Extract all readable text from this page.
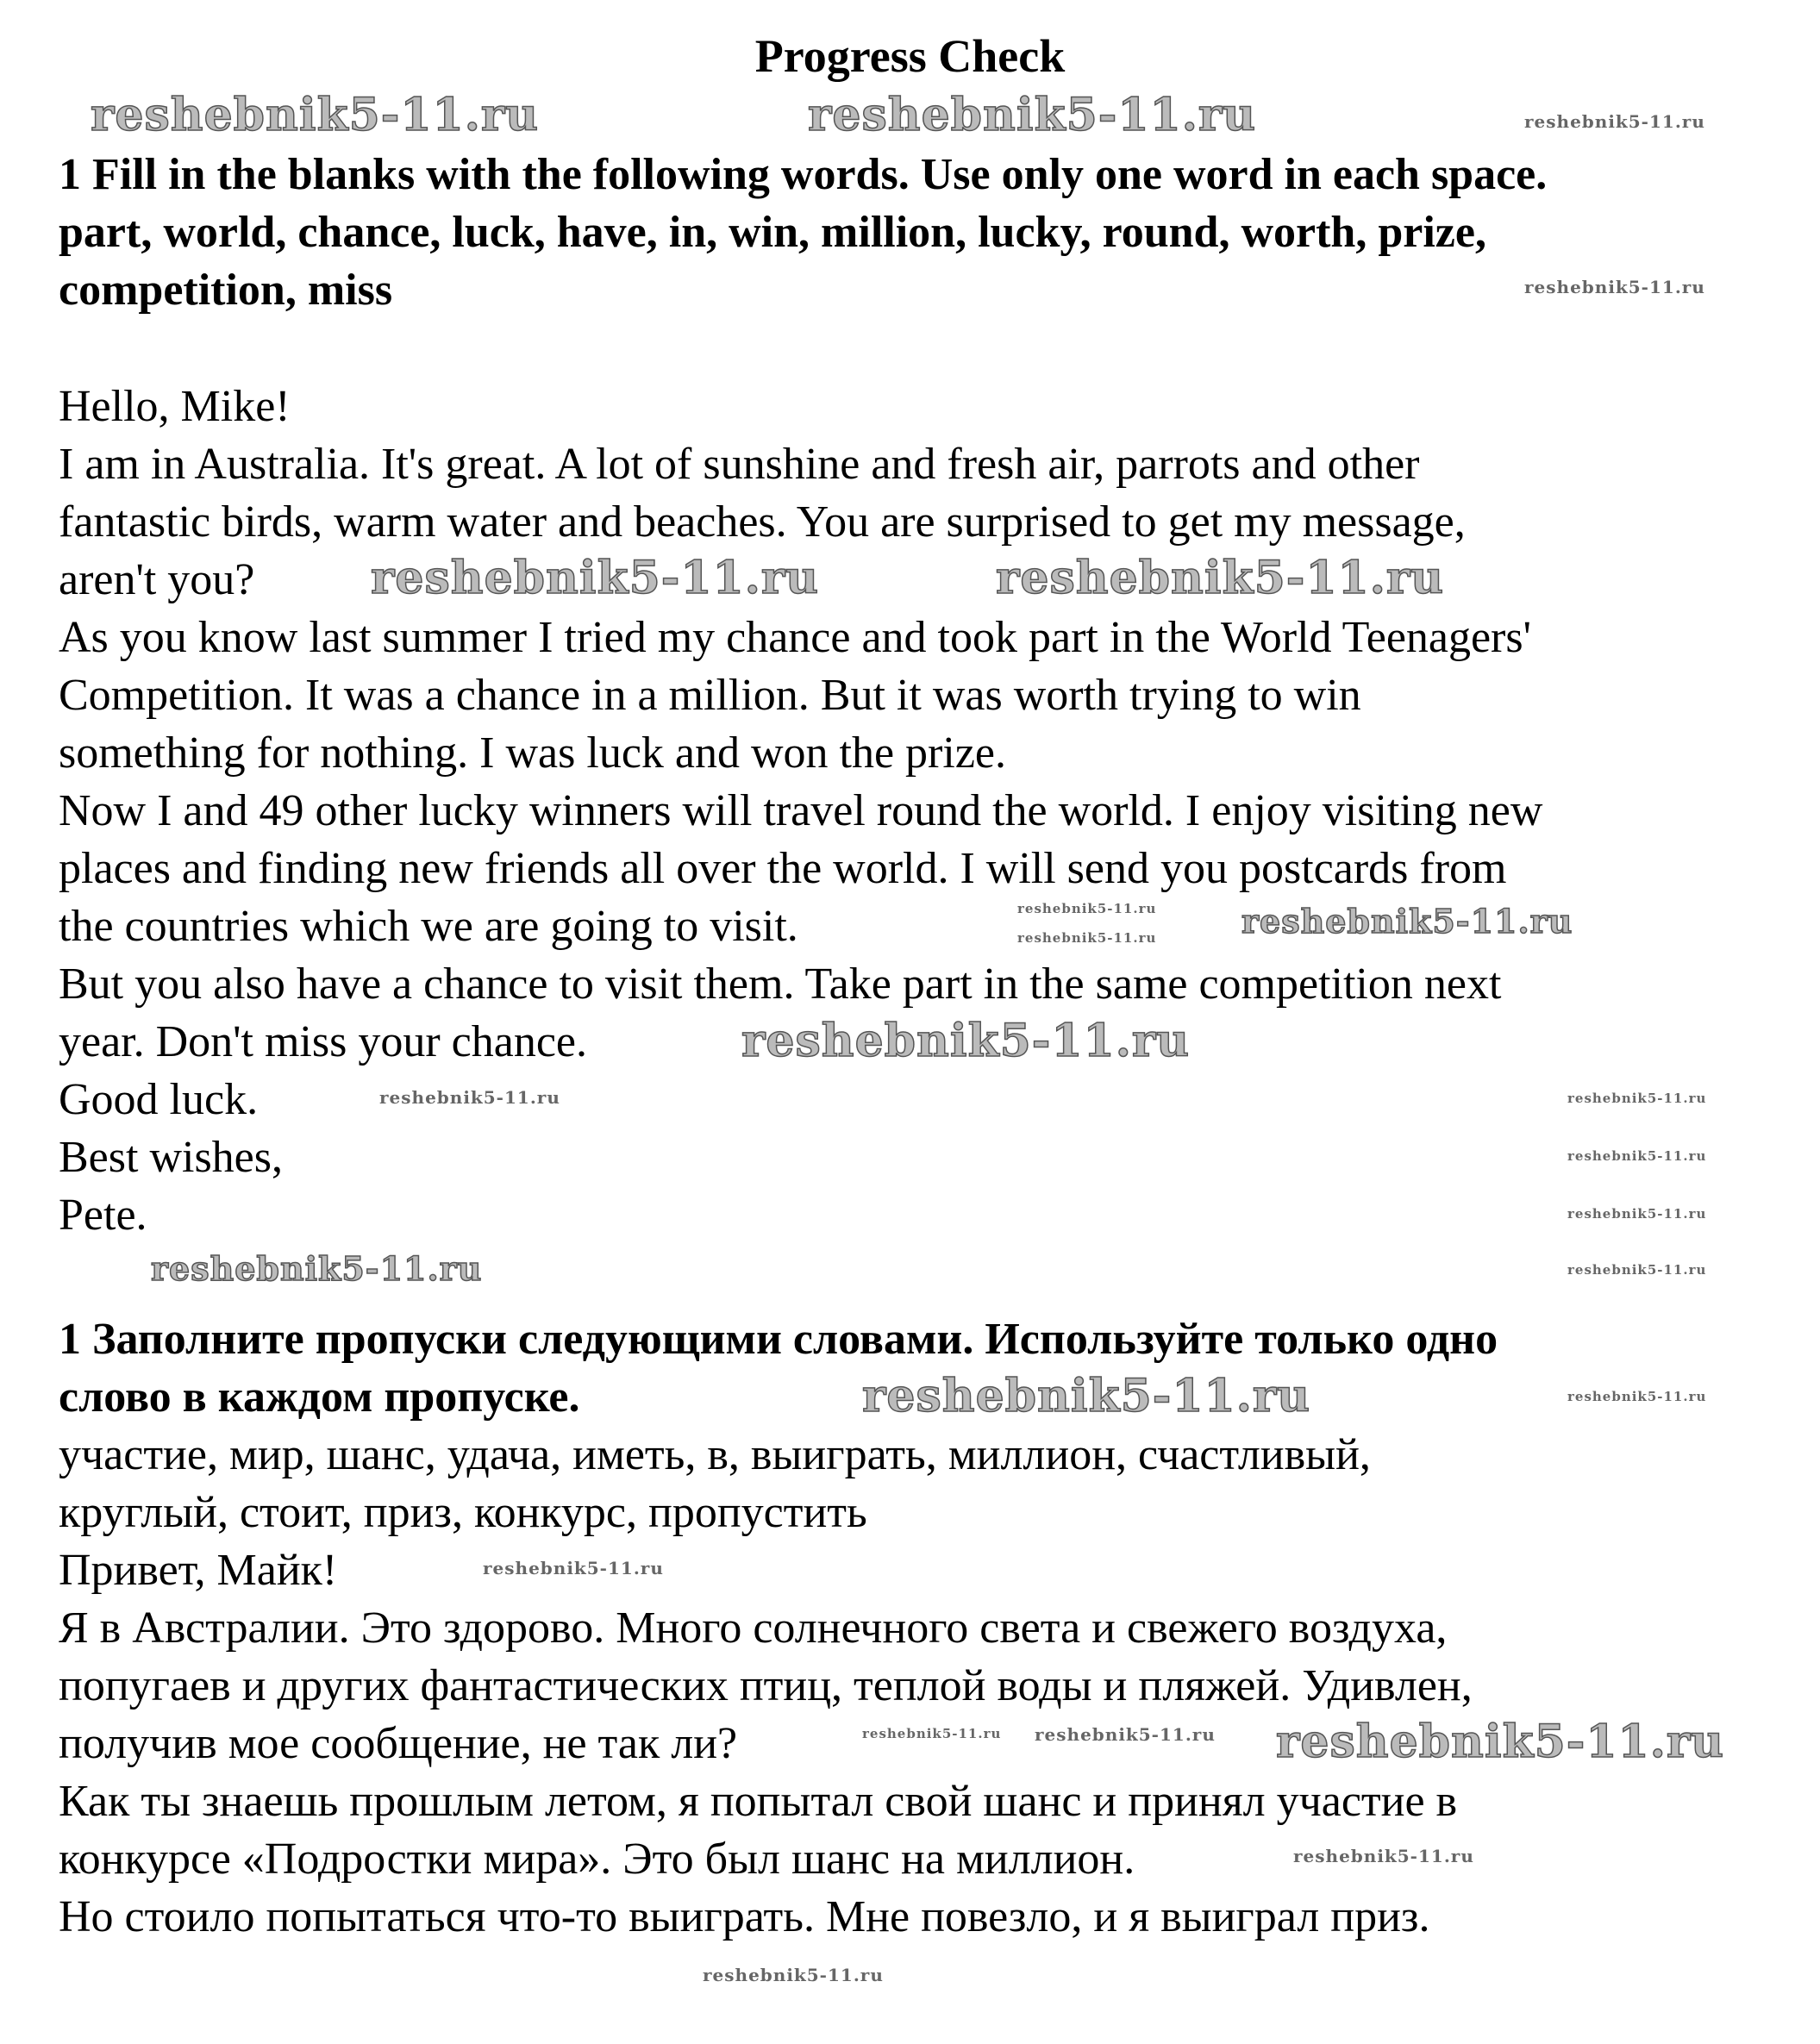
Progress Check
1 Fill in the blanks with the following words. Use only one word in each space.
part, world, chance, luck, have, in, win, million, lucky, round, worth, prize,
competition, miss
Hello, Mike!
I am in Australia. It's great. A lot of sunshine and fresh air, parrots and other
fantastic birds, warm water and beaches. You are surprised to get my message,
aren't you?
As you know last summer I tried my chance and took part in the World Teenagers'
Competition. It was a chance in a million. But it was worth trying to win
something for nothing. I was luck and won the prize.
Now I and 49 other lucky winners will travel round the world. I enjoy visiting new
places and finding new friends all over the world. I will send you postcards from
the countries which we are going to visit.
But you also have a chance to visit them. Take part in the same competition next
year. Don't miss your chance.
Good luck.
Best wishes,
Pete.
1 Заполните пропуски следующими словами. Используйте только одно
слово в каждом пропуске.
участие, мир, шанс, удача, иметь, в, выиграть, миллион, счастливый,
круглый, стоит, приз, конкурс, пропустить
Привет, Майк!
Я в Австралии. Это здорово. Много солнечного света и свежего воздуха,
попугаев и других фантастических птиц, теплой воды и пляжей. Удивлен,
получив мое сообщение, не так ли?
Как ты знаешь прошлым летом, я попытал свой шанс и принял участие в
конкурсе «Подростки мира». Это был шанс на миллион.
Но стоило попытаться что-то выиграть. Мне повезло, и я выиграл приз.
reshebnik5-11.ru	reshebnik5-11.ru	reshebnik5-11.ru
reshebnik5-11.ru
reshebnik5-11.ru	reshebnik5-11.ru
reshebnik5-11.ru
reshebnik5-11.ru
reshebnik5-11.ru
reshebnik5-11.ru
reshebnik5-11.ru	reshebnik5-11.ru
reshebnik5-11.ru
reshebnik5-11.ru
reshebnik5-11.ru	reshebnik5-11.ru
reshebnik5-11.ru	reshebnik5-11.ru
reshebnik5-11.ru
reshebnik5-11.ru reshebnik5-11.ru reshebnik5-11.ru
reshebnik5-11.ru
reshebnik5-11.ru
